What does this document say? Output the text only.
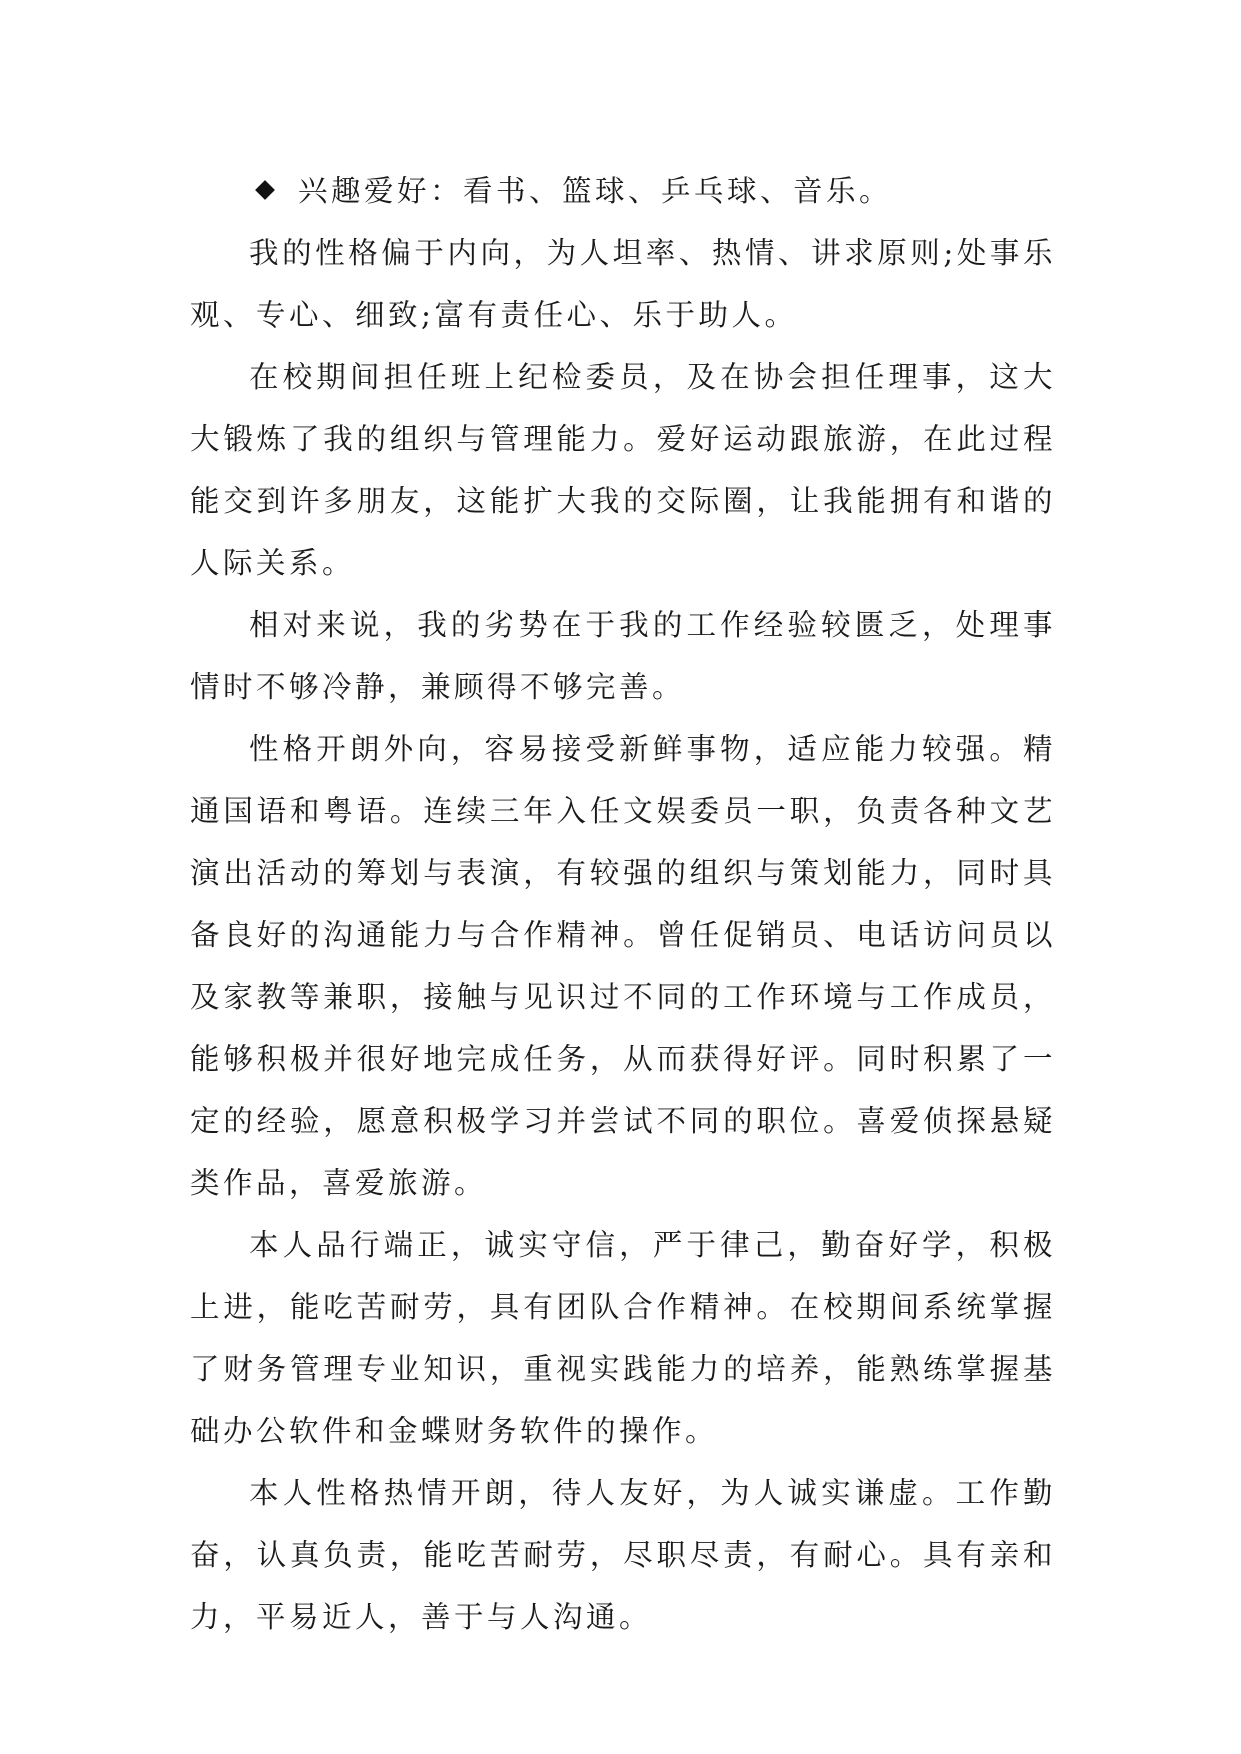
兴趣爱好：看书、篮球、乒乓球、音乐。

我的性格偏于内向，为人坦率、热情、讲求原则;处事乐观、专心、细致;富有责任心、乐于助人。

在校期间担任班上纪检委员，及在协会担任理事，这大大锻炼了我的组织与管理能力。爱好运动跟旅游，在此过程能交到许多朋友，这能扩大我的交际圈，让我能拥有和谐的人际关系。

相对来说，我的劣势在于我的工作经验较匮乏，处理事情时不够冷静，兼顾得不够完善。

性格开朗外向，容易接受新鲜事物，适应能力较强。精通国语和粤语。连续三年入任文娱委员一职，负责各种文艺演出活动的筹划与表演，有较强的组织与策划能力，同时具备良好的沟通能力与合作精神。曾任促销员、电话访问员以及家教等兼职，接触与见识过不同的工作环境与工作成员，能够积极并很好地完成任务，从而获得好评。同时积累了一定的经验，愿意积极学习并尝试不同的职位。喜爱侦探悬疑类作品，喜爱旅游。

本人品行端正，诚实守信，严于律己，勤奋好学，积极上进，能吃苦耐劳，具有团队合作精神。在校期间系统掌握了财务管理专业知识，重视实践能力的培养，能熟练掌握基础办公软件和金蝶财务软件的操作。

本人性格热情开朗，待人友好，为人诚实谦虚。工作勤奋，认真负责，能吃苦耐劳，尽职尽责，有耐心。具有亲和力，平易近人，善于与人沟通。
